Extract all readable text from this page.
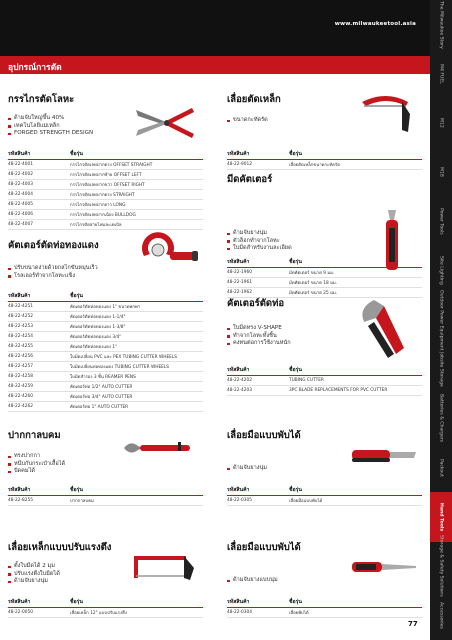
www.milwaukeetool.asia
อุปกรณ์การตัด
The Milwaukee Story
M4 FUEL
M12
M18
Power Tools
Site Lighting
Outdoor Power Equipment
Jobsite Storage
Batteries & Chargers
Packout
Hand Tools
Storage & Safety Solutions
Accessories
กรรไกรตัดโลหะ
ด้ามจับใหญ่ขึ้น 40%
เทคโนโลยีแม่เหล็ก
FORGED STRENGTH DESIGN
รหัสสินค้า	ชื่อรุ่น
48-22-4001	กรรไกรตัดเลทปากตรง OFFSET STRAIGHT
48-22-4002	กรรไกรตัดเลทปากซ้าย OFFSET LEFT
48-22-4003	กรรไกรตัดเลทปากขวา OFFSET RIGHT
48-22-4004	กรรไกรตัดเลทปากตรง STRAIGHT
48-22-4005	กรรไกรตัดเลทปากยาว LONG
48-22-4006	กรรไกรตัดเลทปากเฉียง BULLDOG
48-22-4007	กรรไกรตัดสายไฟและเคเบิล
คัตเตอร์ตัดท่อทองแดง
ปรับขนาดง่ายด้วยกลไกขันหมุนเร็ว
โรลเลอร์ทำจากโลหะแข็ง
รหัสสินค้า	ชื่อรุ่น
48-22-4251	คัตเตอร์ตัดท่อทองแดง 1" ขนาดพกพา
48-22-4252	คัตเตอร์ตัดท่อทองแดง 1-1/4"
48-22-4253	คัตเตอร์ตัดท่อทองแดง 1-3/8"
48-22-4254	คัตเตอร์ตัดท่อทองแดง 3/4"
48-22-4255	คัตเตอร์ตัดท่อทองแดง 1"
48-22-4256	ใบมีดเปลี่ยน PVC และ PEX TUBING CUTTER WHEELS
48-22-4257	ใบมีดเปลี่ยนท่อทองแดง TUBING CUTTER WHEELS
48-22-4258	ใบมีดสำรอง 3 ชิ้น REAMER PENS
48-22-4259	คัตเตอร์ท่อ 1/2" AUTO CUTTER
48-22-4260	คัตเตอร์ท่อ 3/4" AUTO CUTTER
48-22-4262	คัตเตอร์ท่อ 1" AUTO CUTTER
ปากกาลบคม
ทรงปากกา
หนีบกับกระเป๋าเสื้อได้
ปัดคมได้
รหัสสินค้า	ชื่อรุ่น
48-22-8255	ปากกาลบคม
เลื่อยเหล็กแบบปรับแรงตึง
ตั้งใบมีดได้ 2 มุม
ปรับแรงตึงใบมีดได้
ด้ามจับยางนุ่ม
รหัสสินค้า	ชื่อรุ่น
48-22-0050	เลื่อยเหล็ก 12" แบบปรับแรงตึง
เลื่อยตัดเหล็ก
ขนาดกะทัดรัด
รหัสสินค้า	ชื่อรุ่น
48-22-9012	เลื่อยตัดเหล็กขนาดกะทัดรัด
มีดคัตเตอร์
ด้ามจับยางนุ่ม
ตัวล็อกทำจากโลหะ
ใบมีดสำหรับงานละเอียด
รหัสสินค้า	ชื่อรุ่น
48-22-1960	มีดคัตเตอร์ ขนาด 9 มม.
48-22-1961	มีดคัตเตอร์ ขนาด 18 มม.
48-22-1962	มีดคัตเตอร์ ขนาด 25 มม.
คัตเตอร์ตัดท่อ
ใบมีดทรง V-SHAPE
ทำจากโลหะทั้งชิ้น
คงทนต่อการใช้งานหนัก
รหัสสินค้า	ชื่อรุ่น
48-22-4202	TUBING CUTTER
48-22-4203	3PC BLADE REPLACEMENTS FOR PVC CUTTER
เลื่อยมือแบบพับได้
ด้ามจับยางนุ่ม
รหัสสินค้า	ชื่อรุ่น
48-22-0305	เลื่อยมือแบบพับได้
เลื่อยมือแบบพับได้
ด้ามจับยางแบบนุ่ม
รหัสสินค้า	ชื่อรุ่น
48-22-0304	เลื่อยพับได้
77
